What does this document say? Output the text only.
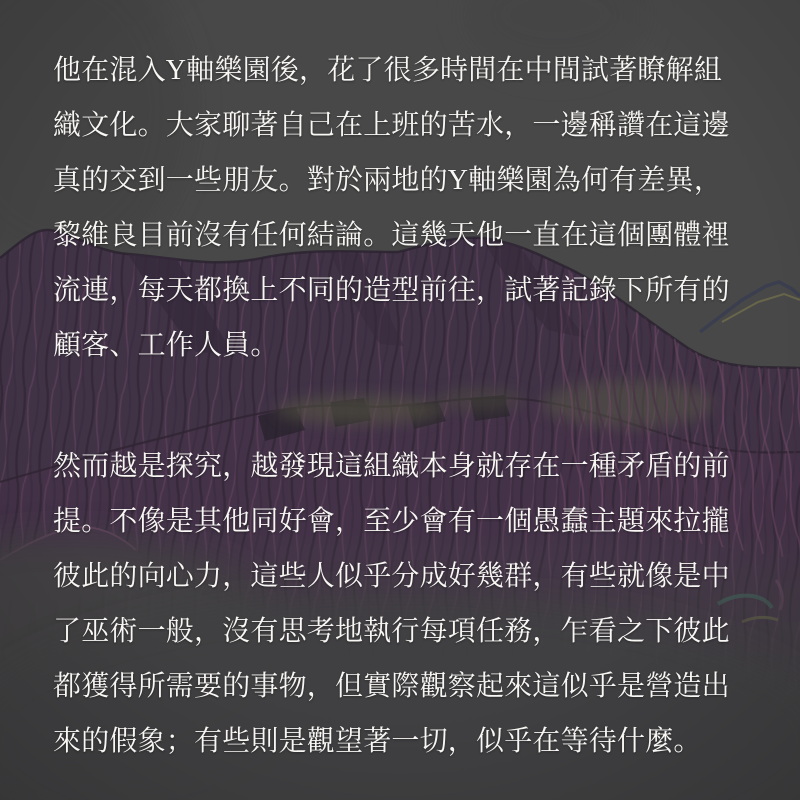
他在混入Y軸樂園後，花了很多時間在中間試著瞭解組

織文化。大家聊著自己在上班的苦水，一邊稱讚在這邊

真的交到一些朋友。對於兩地的Y軸樂園為何有差異，

黎維良目前沒有任何結論。這幾天他一直在這個團體裡

流連，每天都換上不同的造型前往，試著記錄下所有的

顧客、工作人員。

然而越是探究，越發現這組織本身就存在一種矛盾的前

提。不像是其他同好會，至少會有一個愚蠢主題來拉攏

彼此的向心力，這些人似乎分成好幾群，有些就像是中

了巫術一般，沒有思考地執行每項任務，乍看之下彼此

都獲得所需要的事物，但實際觀察起來這似乎是營造出

來的假象；有些則是觀望著一切，似乎在等待什麼。
